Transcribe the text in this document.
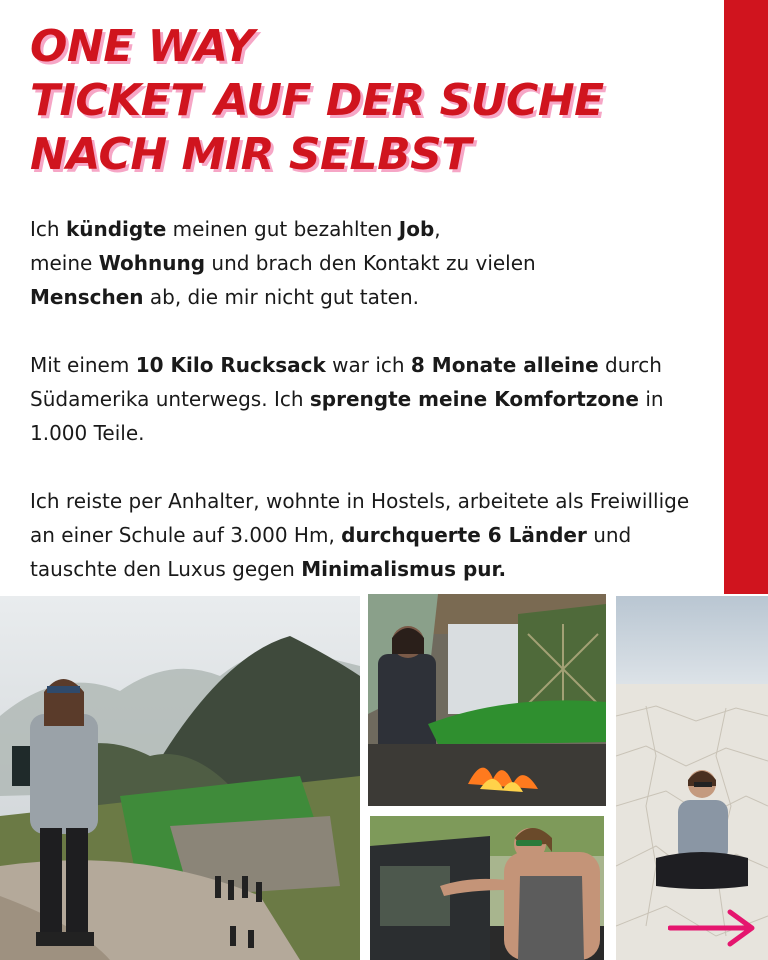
ONE WAY
TICKET AUF DER SUCHE
NACH MIR SELBST

Ich kündigte meinen gut bezahlten Job,
meine Wohnung und brach den Kontakt zu vielen
Menschen ab, die mir nicht gut taten.

Mit einem 10 Kilo Rucksack war ich 8 Monate alleine durch Südamerika unterwegs. Ich sprengte meine Komfortzone in 1.000 Teile.

Ich reiste per Anhalter, wohnte in Hostels, arbeitete als Freiwillige an einer Schule auf 3.000 Hm, durchquerte 6 Länder und tauschte den Luxus gegen Minimalismus pur.
